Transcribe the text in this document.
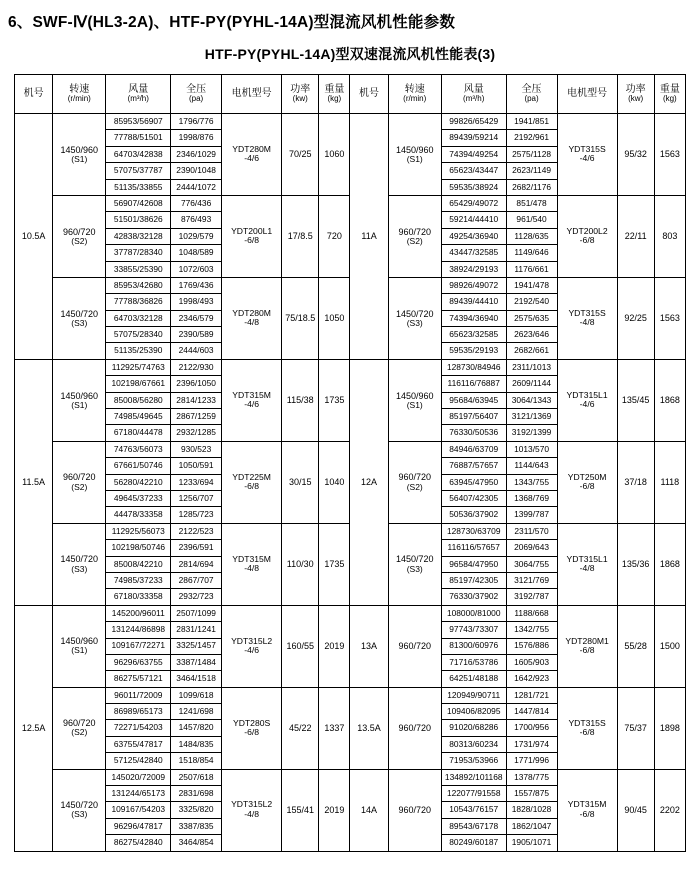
6、SWF-Ⅳ(HL3-2A)、HTF-PY(PYHL-14A)型混流风机性能参数
HTF-PY(PYHL-14A)型双速混流风机性能表(3)
机号	转速
(r/min)	风量
(m³/h)	全压
(pa)	电机型号	功率
(kw)	重量
(kg)	机号	转速
(r/min)	风量
(m³/h)	全压
(pa)	电机型号	功率
(kw)	重量
(kg)

10.5A	1450/960
(S1)	85953/56907	1796/776	YDT280M
-4/6	70/25	1060	11A	1450/960
(S1)	99826/65429	1941/851	YDT315S
-4/6	95/32	1563
		77788/51501	1998/876						89439/59214	2192/961			
		64703/42838	2346/1029						74394/49254	2575/1128			
		57075/37787	2390/1048						65623/43447	2623/1149			
		51135/33855	2444/1072						59535/38924	2682/1176			
	960/720
(S2)	56907/42608	776/436	YDT200L1
-6/8	17/8.5	720		960/720
(S2)	65429/49072	851/478	YDT200L2
-6/8	22/11	803
		51501/38626	876/493						59214/44410	961/540			
		42838/32128	1029/579						49254/36940	1128/635			
		37787/28340	1048/589						43447/32585	1149/646			
		33855/25390	1072/603						38924/29193	1176/661			
	1450/720
(S3)	85953/42680	1769/436	YDT280M
-4/8	75/18.5	1050		1450/720
(S3)	98926/49072	1941/478	YDT315S
-4/8	92/25	1563
		77788/36826	1998/493						89439/44410	2192/540			
		64703/32128	2346/579						74394/36940	2575/635			
		57075/28340	2390/589						65623/32585	2623/646			
		51135/25390	2444/603						59535/29193	2682/661			
11.5A	1450/960
(S1)	112925/74763	2122/930	YDT315M
-4/6	115/38	1735	12A	1450/960
(S1)	128730/84946	2311/1013	YDT315L1
-4/6	135/45	1868
		102198/67661	2396/1050						116116/76887	2609/1144			
		85008/56280	2814/1233						95684/63945	3064/1343			
		74985/49645	2867/1259						85197/56407	3121/1369			
		67180/44478	2932/1285						76330/50536	3192/1399			
	960/720
(S2)	74763/56073	930/523	YDT225M
-6/8	30/15	1040		960/720
(S2)	84946/63709	1013/570	YDT250M
-6/8	37/18	1118
		67661/50746	1050/591						76887/57657	1144/643			
		56280/42210	1233/694						63945/47950	1343/755			
		49645/37233	1256/707						56407/42305	1368/769			
		44478/33358	1285/723						50536/37902	1399/787			
	1450/720
(S3)	112925/56073	2122/523	YDT315M
-4/8	110/30	1735		1450/720
(S3)	128730/63709	2311/570	YDT315L1
-4/8	135/36	1868
		102198/50746	2396/591						116116/57657	2069/643			
		85008/42210	2814/694						96584/47950	3064/755			
		74985/37233	2867/707						85197/42305	3121/769			
		67180/33358	2932/723						76330/37902	3192/787			
12.5A	1450/960
(S1)	145200/96011	2507/1099	YDT315L2
-4/6	160/55	2019	13A	960/720	108000/81000	1188/668	YDT280M1
-6/8	55/28	1500
		131244/86898	2831/1241						97743/73307	1342/755			
		109167/72271	3325/1457						81300/60976	1576/886			
		96296/63755	3387/1484						71716/53786	1605/903			
		86275/57121	3464/1518						64251/48188	1642/923			
	960/720
(S2)	96011/72009	1099/618	YDT280S
-6/8	45/22	1337	13.5A	960/720	120949/90711	1281/721	YDT315S
-6/8	75/37	1898
		86989/65173	1241/698						109406/82095	1447/814			
		72271/54203	1457/820						91020/68286	1700/956			
		63755/47817	1484/835						80313/60234	1731/974			
		57125/42840	1518/854						71953/53966	1771/996			
	1450/720
(S3)	145020/72009	2507/618	YDT315L2
-4/8	155/41	2019	14A	960/720	134892/101168	1378/775	YDT315M
-6/8	90/45	2202
		131244/65173	2831/698						122077/91558	1557/875			
		109167/54203	3325/820						10543/76157	1828/1028			
		96296/47817	3387/835						89543/67178	1862/1047			
		86275/42840	3464/854						80249/60187	1905/1071			
